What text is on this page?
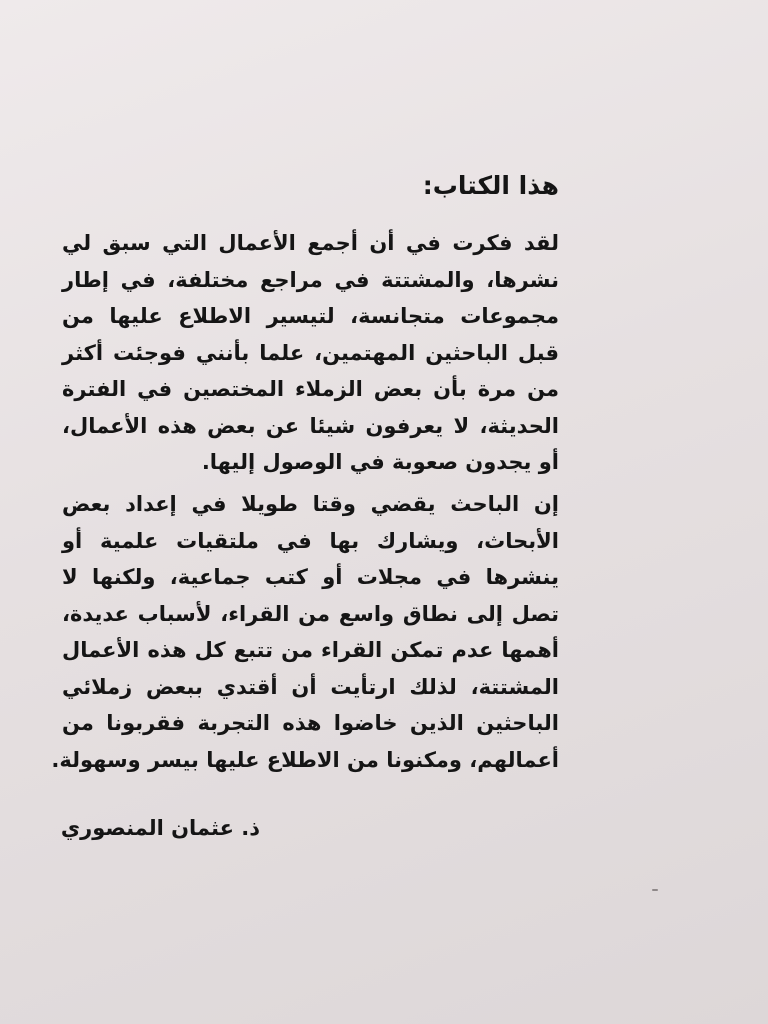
هذا الكتاب:
لقد فكرت في أن أجمع الأعمال التي سبق لي
نشرها، والمشتتة في مراجع مختلفة، في إطار
مجموعات متجانسة، لتيسير الاطلاع عليها من
قبل الباحثين المهتمين، علما بأنني فوجئت أكثر
من مرة بأن بعض الزملاء المختصين في الفترة
الحديثة، لا يعرفون شيئا عن بعض هذه الأعمال،
أو يجدون صعوبة في الوصول إليها.
إن الباحث يقضي وقتا طويلا في إعداد بعض
الأبحاث، ويشارك بها في ملتقيات علمية أو
ينشرها في مجلات أو كتب جماعية، ولكنها لا
تصل إلى نطاق واسع من القراء، لأسباب عديدة،
أهمها عدم تمكن القراء من تتبع كل هذه الأعمال
المشتتة، لذلك ارتأيت أن أقتدي ببعض زملائي
الباحثين الذين خاضوا هذه التجربة فقربونا من
أعمالهم، ومكنونا من الاطلاع عليها بيسر وسهولة.
ذ. عثمان المنصوري
